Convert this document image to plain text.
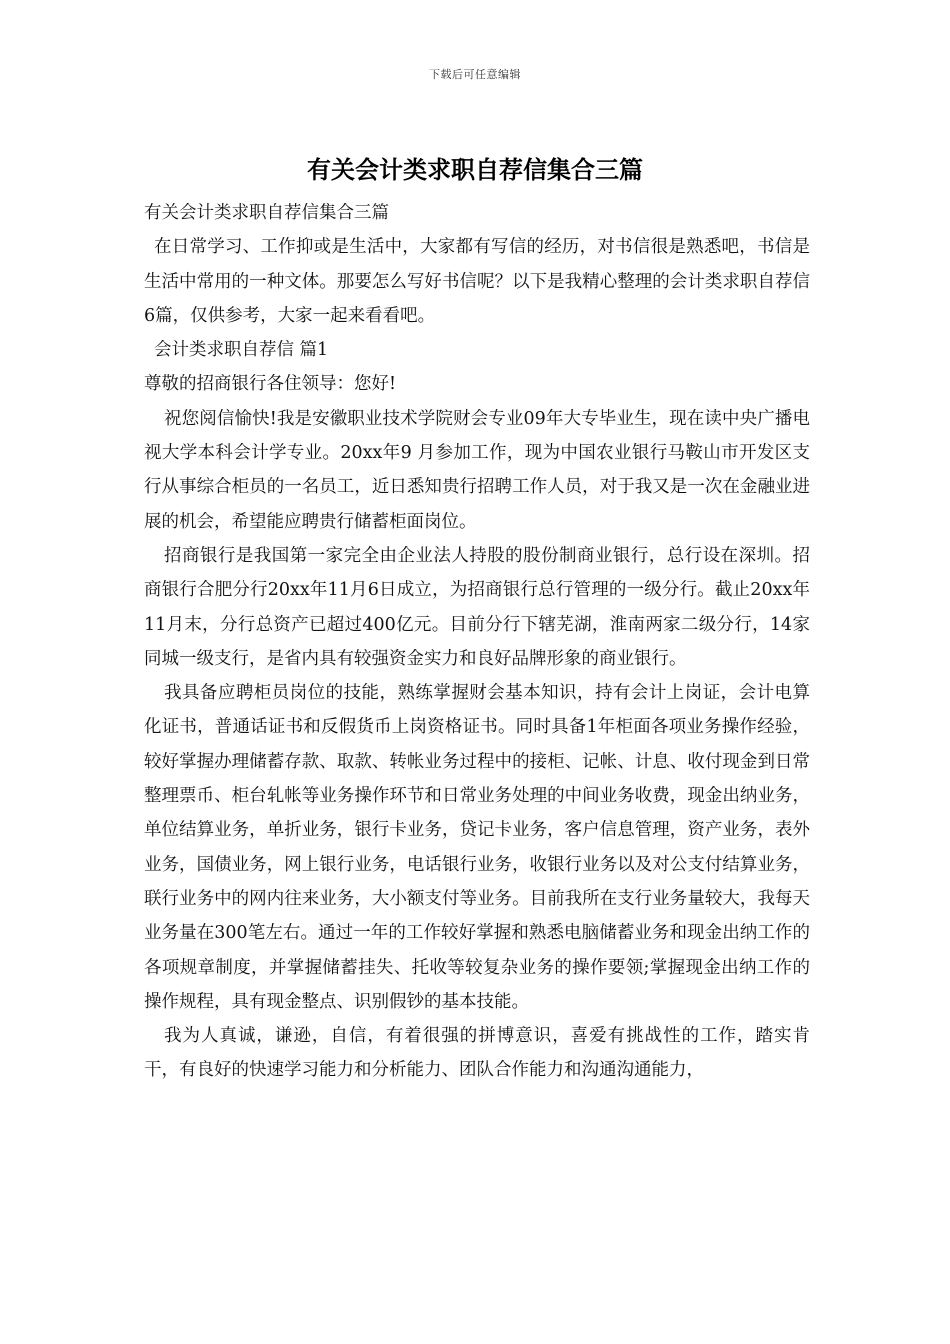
下载后可任意编辑
有关会计类求职自荐信集合三篇

有关会计类求职自荐信集合三篇

在日常学习、工作抑或是生活中，大家都有写信的经历，对书信很是熟悉吧，书信是生活中常用的一种文体。那要怎么写好书信呢？以下是我精心整理的会计类求职自荐信6篇，仅供参考，大家一起来看看吧。

会计类求职自荐信 篇1

尊敬的招商银行各住领导：您好!

祝您阅信愉快!我是安徽职业技术学院财会专业09年大专毕业生，现在读中央广播电视大学本科会计学专业。20xx年9 月参加工作，现为中国农业银行马鞍山市开发区支行从事综合柜员的一名员工，近日悉知贵行招聘工作人员，对于我又是一次在金融业进展的机会，希望能应聘贵行储蓄柜面岗位。

招商银行是我国第一家完全由企业法人持股的股份制商业银行，总行设在深圳。招商银行合肥分行20xx年11月6日成立，为招商银行总行管理的一级分行。截止20xx年11月末，分行总资产已超过400亿元。目前分行下辖芜湖，淮南两家二级分行，14家同城一级支行，是省内具有较强资金实力和良好品牌形象的商业银行。

我具备应聘柜员岗位的技能，熟练掌握财会基本知识，持有会计上岗证，会计电算化证书，普通话证书和反假货币上岗资格证书。同时具备1年柜面各项业务操作经验，较好掌握办理储蓄存款、取款、转帐业务过程中的接柜、记帐、计息、收付现金到日常整理票币、柜台轧帐等业务操作环节和日常业务处理的中间业务收费，现金出纳业务，单位结算业务，单折业务，银行卡业务，贷记卡业务，客户信息管理，资产业务，表外业务，国债业务，网上银行业务，电话银行业务，收银行业务以及对公支付结算业务，联行业务中的网内往来业务，大小额支付等业务。目前我所在支行业务量较大，我每天业务量在300笔左右。通过一年的工作较好掌握和熟悉电脑储蓄业务和现金出纳工作的各项规章制度，并掌握储蓄挂失、托收等较复杂业务的操作要领;掌握现金出纳工作的操作规程，具有现金整点、识别假钞的基本技能。

我为人真诚，谦逊，自信，有着很强的拼博意识，喜爱有挑战性的工作，踏实肯干，有良好的快速学习能力和分析能力、团队合作能力和沟通沟通能力，
